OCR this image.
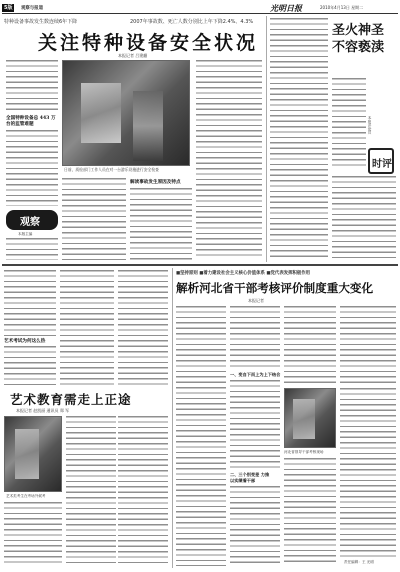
5版	观察与报道	光明日报	2010年4月13日 星期二
特种设备事故发生数连续6年下降	2007年事故数、死亡人数分别比上年下降2.4%、4.3%
关注特种设备安全状况
本报记者 吕建翻
全国特种设备总 443 万台的监管难题
日前，质检部门工作人员在对一台游乐设施进行安全检查
观察
本版主编
解读事故发生原因及特点
圣火神圣不容亵渎
时评
本报评论员
艺术考试为何这么热
艺术教育需走上正途
本报记者 赵凯丽 通讯员 郑 军
艺术类考生在考场外候考
■坚持原则 ■着力建设社会主义核心价值体系 ■党代表发挥积极作用
解析河北省干部考核评价制度重大变化
本报记者
一、变自下而上为上下结合
二、三个别变差 力推
以实绩看干部
河北省领导干部考核现场
责任编辑：王 光明
